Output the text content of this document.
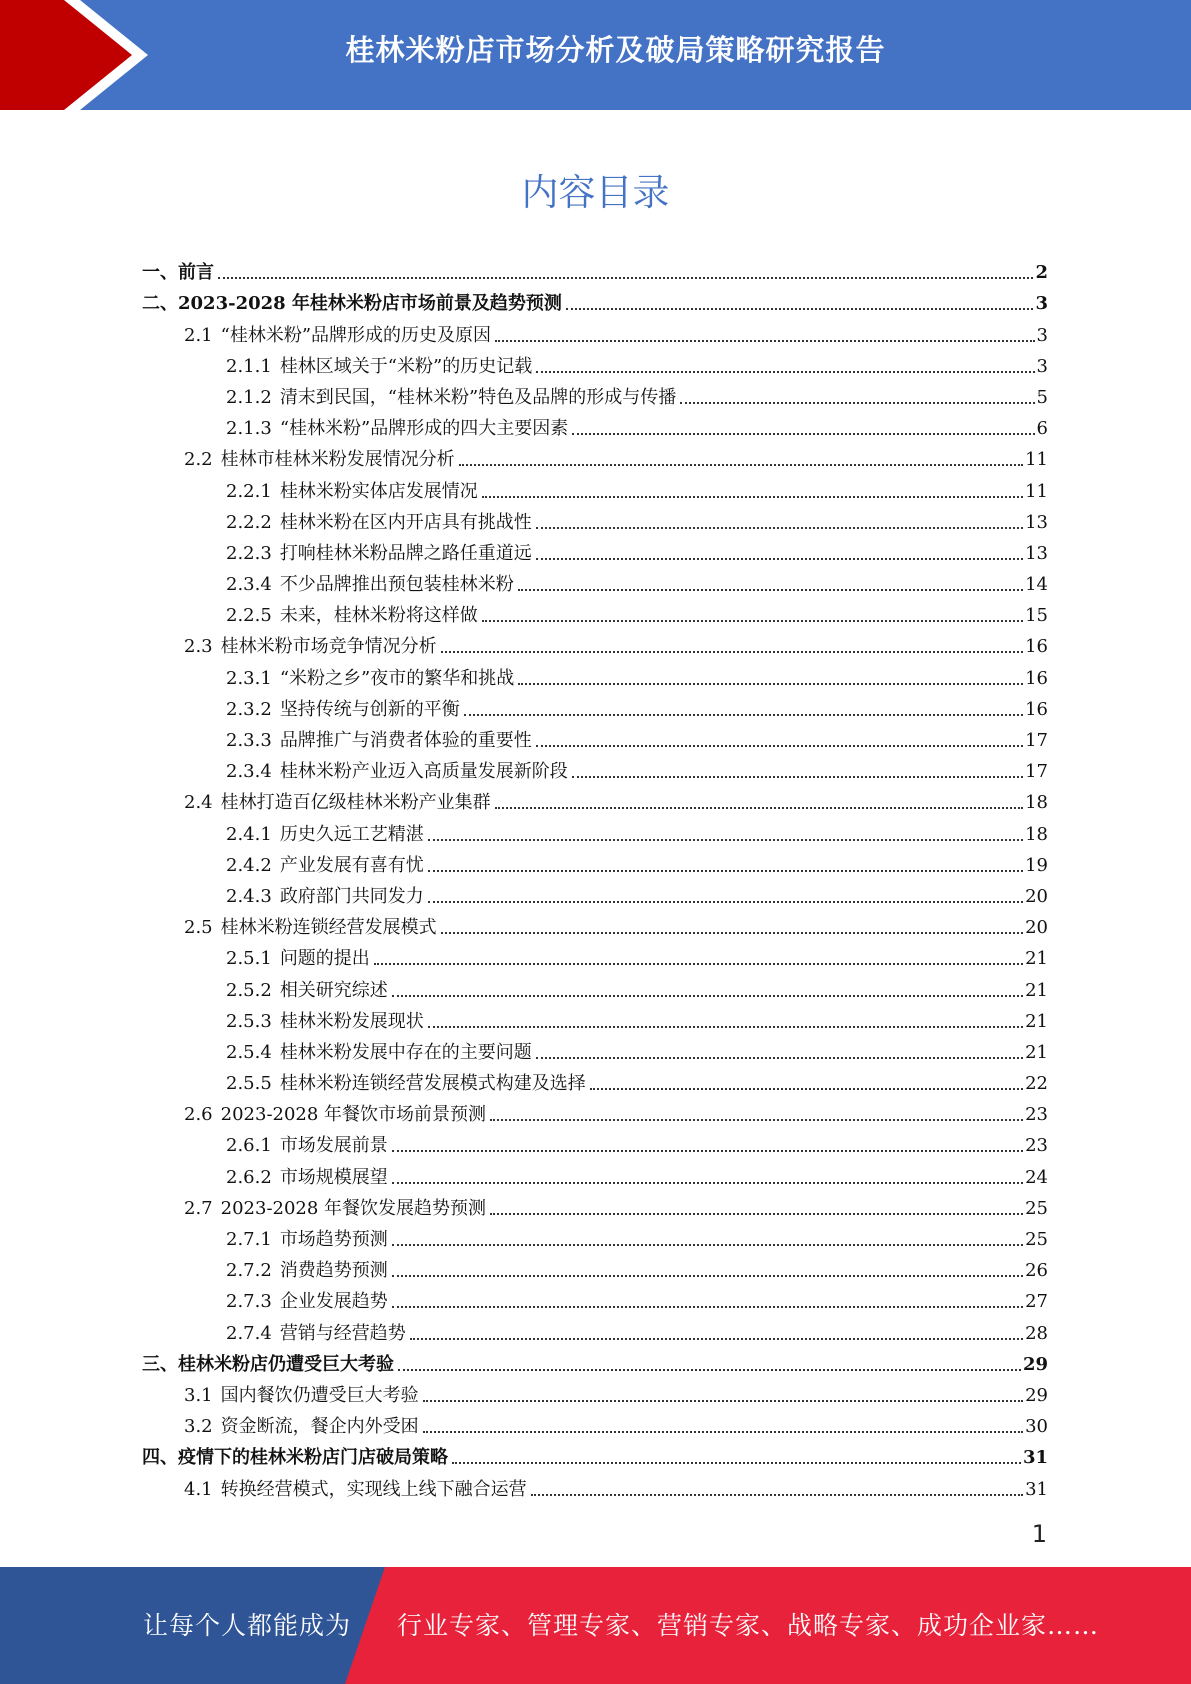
桂林米粉店市场分析及破局策略研究报告
内容目录
一、 前言	2
二、 2023-2028 年桂林米粉店市场前景及趋势预测	3
2.1 “桂林米粉”品牌形成的历史及原因	3
2.1.1 桂林区域关于“米粉”的历史记载	3
2.1.2 清末到民国，“桂林米粉”特色及品牌的形成与传播	5
2.1.3 “桂林米粉”品牌形成的四大主要因素	6
2.2 桂林市桂林米粉发展情况分析	11
2.2.1 桂林米粉实体店发展情况	11
2.2.2 桂林米粉在区内开店具有挑战性	13
2.2.3 打响桂林米粉品牌之路任重道远	13
2.3.4 不少品牌推出预包装桂林米粉	14
2.2.5 未来，桂林米粉将这样做	15
2.3 桂林米粉市场竞争情况分析	16
2.3.1 “米粉之乡”夜市的繁华和挑战	16
2.3.2 坚持传统与创新的平衡	16
2.3.3 品牌推广与消费者体验的重要性	17
2.3.4 桂林米粉产业迈入高质量发展新阶段	17
2.4 桂林打造百亿级桂林米粉产业集群	18
2.4.1 历史久远工艺精湛	18
2.4.2 产业发展有喜有忧	19
2.4.3 政府部门共同发力	20
2.5 桂林米粉连锁经营发展模式	20
2.5.1 问题的提出	21
2.5.2 相关研究综述	21
2.5.3 桂林米粉发展现状	21
2.5.4 桂林米粉发展中存在的主要问题	21
2.5.5 桂林米粉连锁经营发展模式构建及选择	22
2.6 2023-2028 年餐饮市场前景预测	23
2.6.1 市场发展前景	23
2.6.2 市场规模展望	24
2.7 2023-2028 年餐饮发展趋势预测	25
2.7.1 市场趋势预测	25
2.7.2 消费趋势预测	26
2.7.3 企业发展趋势	27
2.7.4 营销与经营趋势	28
三、 桂林米粉店仍遭受巨大考验	29
3.1 国内餐饮仍遭受巨大考验	29
3.2 资金断流，餐企内外受困	30
四、 疫情下的桂林米粉店门店破局策略	31
4.1 转换经营模式，实现线上线下融合运营	31
1
让每个人都能成为 行业专家、管理专家、营销专家、战略专家、成功企业家……
